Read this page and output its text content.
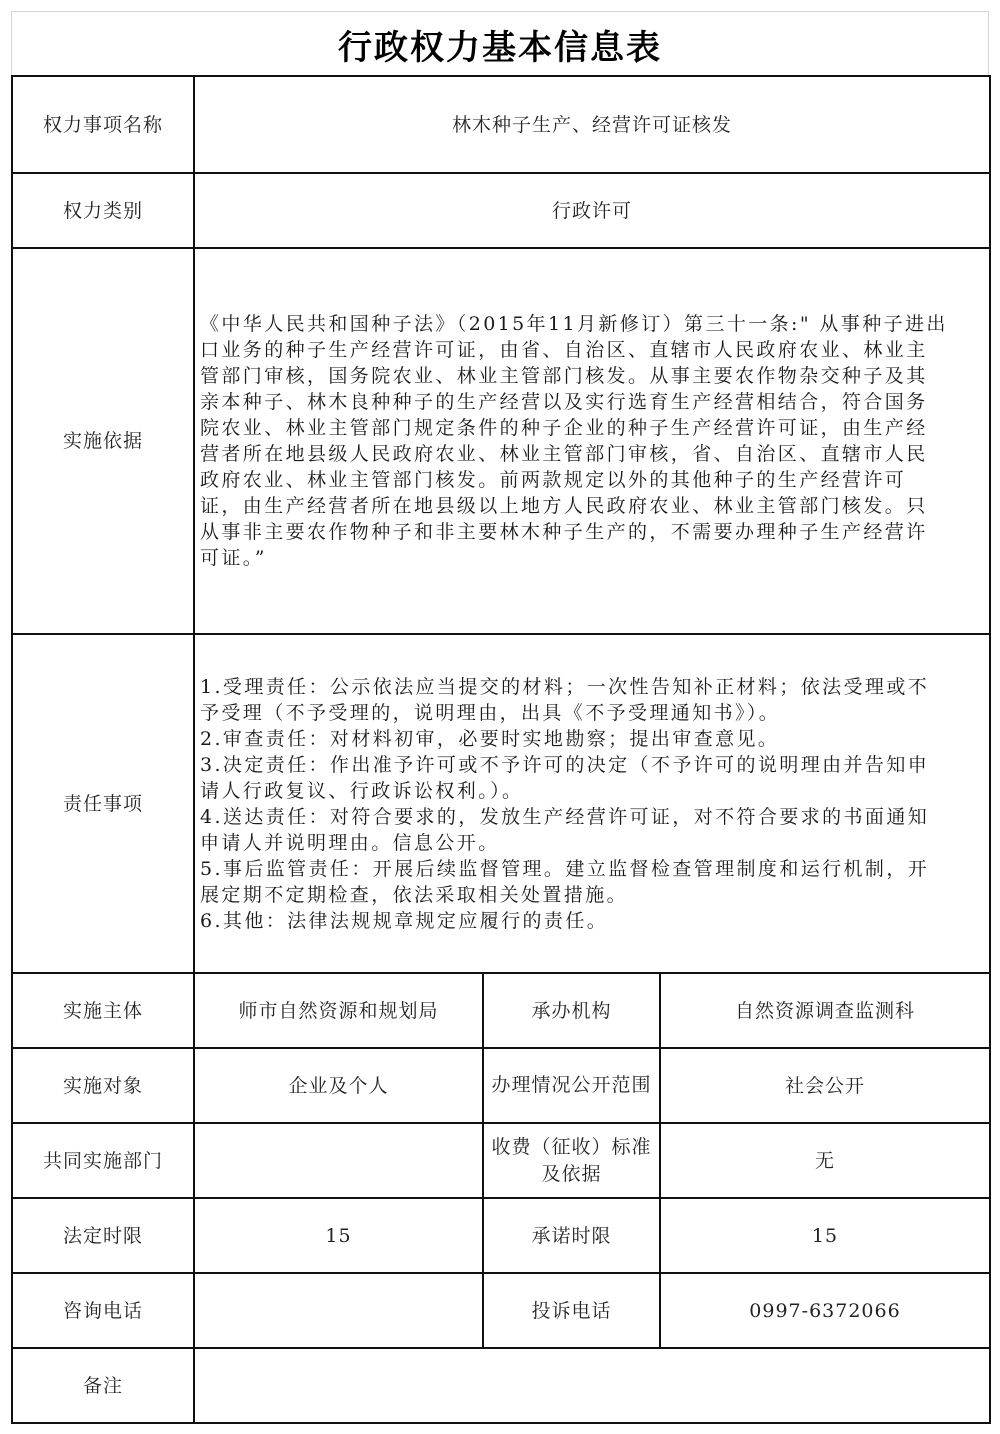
行政权力基本信息表
权力事项名称	林木种子生产、经营许可证核发		
权力类别	行政许可		
实施依据	
《中华人民共和国种子法》（2015年11月新修订）第三十一条:" 从事种子进出
口业务的种子生产经营许可证，由省、自治区、直辖市人民政府农业、林业主
管部门审核，国务院农业、林业主管部门核发。从事主要农作物杂交种子及其
亲本种子、林木良种种子的生产经营以及实行选育生产经营相结合，符合国务
院农业、林业主管部门规定条件的种子企业的种子生产经营许可证，由生产经
营者所在地县级人民政府农业、林业主管部门审核，省、自治区、直辖市人民
政府农业、林业主管部门核发。前两款规定以外的其他种子的生产经营许可
证，由生产经营者所在地县级以上地方人民政府农业、林业主管部门核发。只
从事非主要农作物种子和非主要林木种子生产的，不需要办理种子生产经营许
可证。”

责任事项	
1.受理责任：公示依法应当提交的材料；一次性告知补正材料；依法受理或不
予受理（不予受理的，说明理由，出具《不予受理通知书》）。
2.审查责任：对材料初审，必要时实地勘察；提出审查意见。
3.决定责任：作出准予许可或不予许可的决定（不予许可的说明理由并告知申
请人行政复议、行政诉讼权利。）。
4.送达责任：对符合要求的，发放生产经营许可证，对不符合要求的书面通知
申请人并说明理由。信息公开。
5.事后监管责任：开展后续监督管理。建立监督检查管理制度和运行机制，开
展定期不定期检查，依法采取相关处置措施。
6.其他：法律法规规章规定应履行的责任。

实施主体	师市自然资源和规划局	承办机构	自然资源调查监测科
实施对象	企业及个人	办理情况公开范围	社会公开
共同实施部门		收费（征收）标准及依据	无
法定时限	15	承诺时限	15
咨询电话		投诉电话	0997-6372066
备注			
